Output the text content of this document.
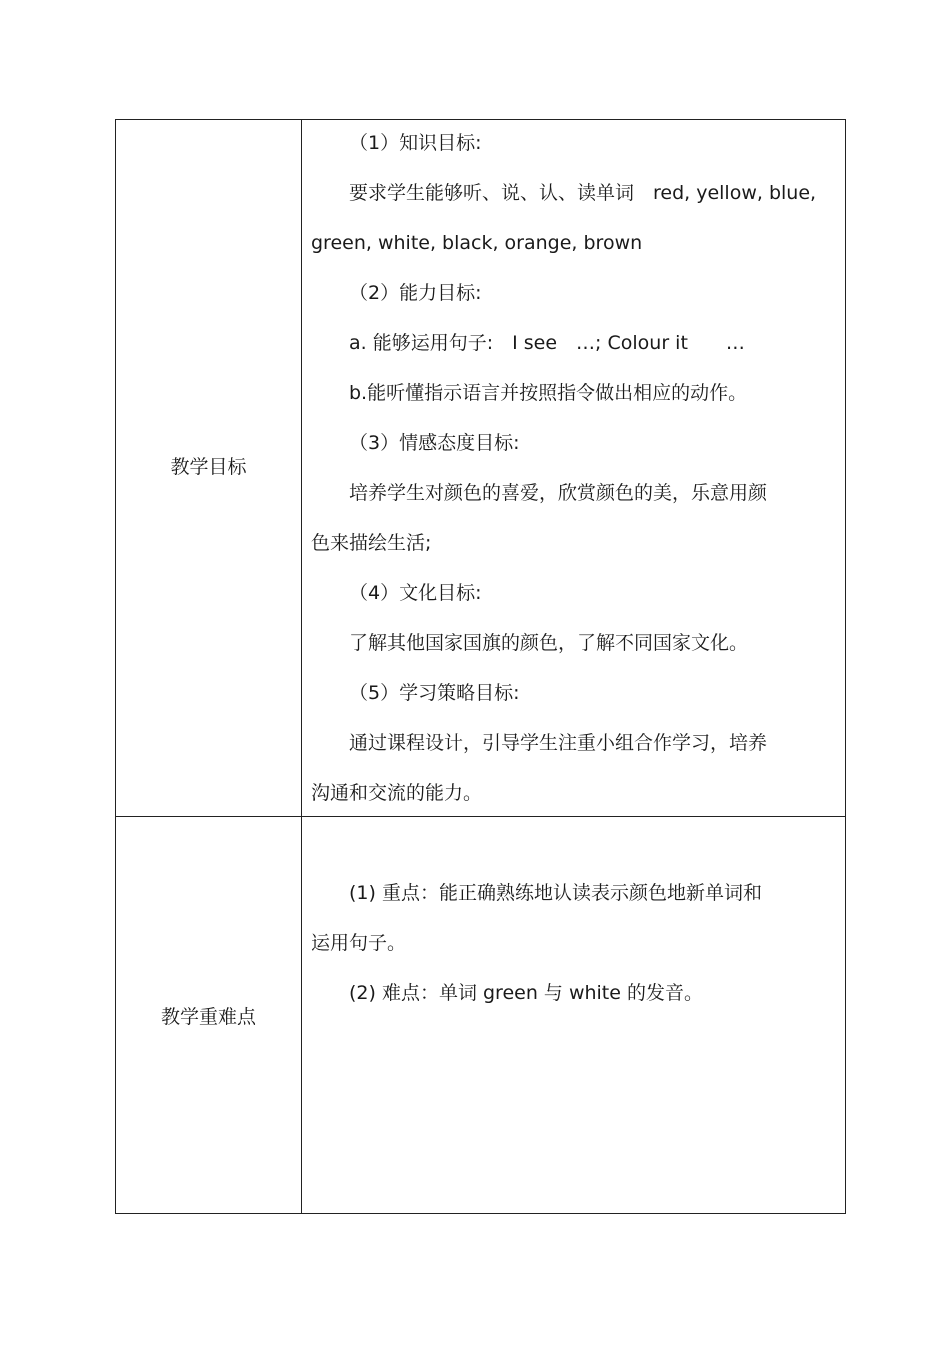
教学目标

（1）知识目标:

要求学生能够听、说、认、读单词　red, yellow, blue,

green, white, black, orange, brown

（2）能力目标:

a. 能够运用句子:　I see　…; Colour it　　…

b.能听懂指示语言并按照指令做出相应的动作。

（3）情感态度目标:

培养学生对颜色的喜爱，欣赏颜色的美，乐意用颜

色来描绘生活;

（4）文化目标:

了解其他国家国旗的颜色，了解不同国家文化。

（5）学习策略目标:

通过课程设计，引导学生注重小组合作学习，培养

沟通和交流的能力。

教学重难点

(1) 重点：能正确熟练地认读表示颜色地新单词和

运用句子。

(2) 难点：单词 green 与 white 的发音。
